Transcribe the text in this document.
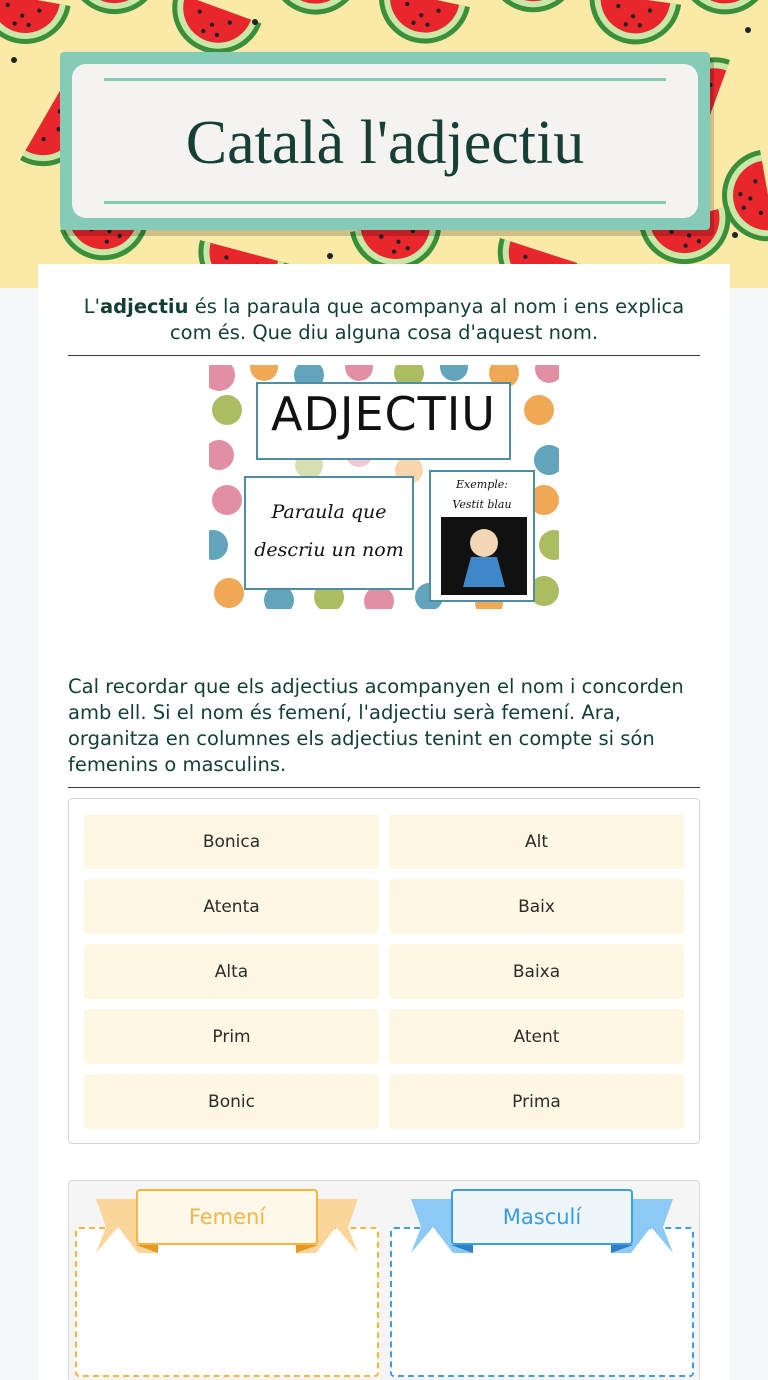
Català l'adjectiu

L'adjectiu és la paraula que acompanya al nom i ens explica com és. Que diu alguna cosa d'aquest nom.

ADJECTIU
Paraula que
descriu un nom
Exemple:
Vestit blau

Cal recordar que els adjectius acompanyen el nom i concorden amb ell. Si el nom és femení, l'adjectiu serà femení. Ara, organitza en columnes els adjectius tenint en compte si són femenins o masculins.

Bonica	Alt
Atenta	Baix
Alta	Baixa
Prim	Atent
Bonic	Prima
Femení	Masculí
